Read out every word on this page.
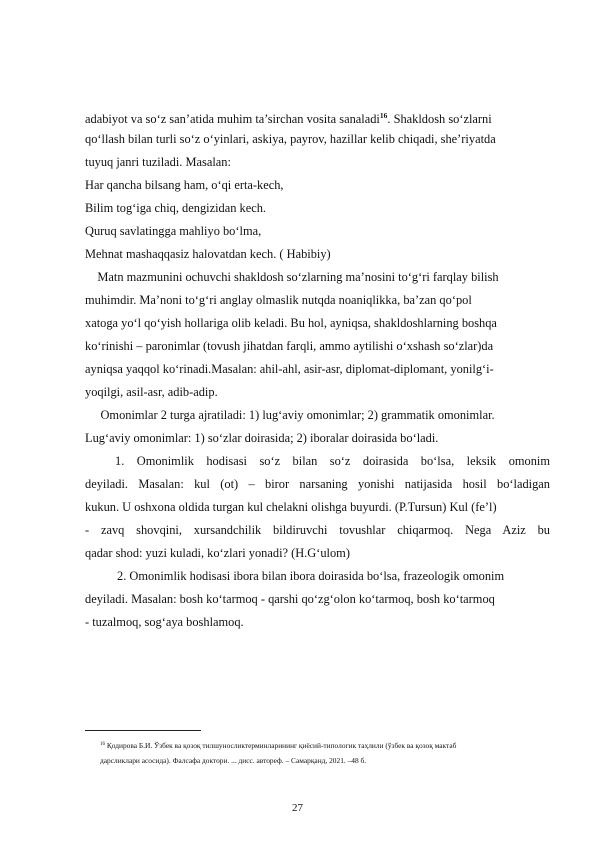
adabiyot va so‘z san’atida muhim ta’sirchan vosita sanaladi$^{16}$. Shakldosh so‘zlarni
qo‘llash bilan turli so‘z o‘yinlari, askiya, payrov, hazillar kelib chiqadi, she’riyatda
tuyuq janri tuziladi. Masalan:
Har qancha bilsang ham, o‘qi erta-kech,
Bilim tog‘iga chiq, dengizidan kech.
Quruq savlatingga mahliyo bo‘lma,
Mehnat mashaqqasiz halovatdan kech. ( Habibiy)
Matn mazmunini ochuvchi shakldosh so‘zlarning ma’nosini to‘g‘ri farqlay bilish
muhimdir. Ma’noni to‘g‘ri anglay olmaslik nutqda noaniqlikka, ba’zan qo‘pol
xatoga yo‘l qo‘yish hollariga olib keladi. Bu hol, ayniqsa, shakldoshlarning boshqa
ko‘rinishi – paronimlar (tovush jihatdan farqli, ammo aytilishi o‘xshash so‘zlar)da
ayniqsa yaqqol ko‘rinadi.Masalan: ahil-ahl, asir-asr, diplomat-diplomant, yonilg‘i-
yoqilgi, asil-asr, adib-adip.
Omonimlar 2 turga ajratiladi: 1) lug‘aviy omonimlar; 2) grammatik omonimlar.
Lug‘aviy omonimlar: 1) so‘zlar doirasida; 2) iboralar doirasida bo‘ladi.
1. Omonimlik hodisasi so‘z bilan so‘z doirasida bo‘lsa, leksik omonim
deyiladi. Masalan: kul (ot) – biror narsaning yonishi natijasida hosil bo‘ladigan
kukun. U oshxona oldida turgan kul chelakni olishga buyurdi. (P.Tursun) Kul (fe’l)
- zavq shovqini, xursandchilik bildiruvchi tovushlar chiqarmoq. Nega Aziz bu
qadar shod: yuzi kuladi, ko‘zlari yonadi? (H.G‘ulom)
2. Omonimlik hodisasi ibora bilan ibora doirasida bo‘lsa, frazeologik omonim
deyiladi. Masalan: bosh ko‘tarmoq - qarshi qo‘zg‘olon ko‘tarmoq, bosh ko‘tarmoq
- tuzalmoq, sog‘aya boshlamoq.
$^{16}$ Қодирова Б.И. Ўзбек ва қозоқ тилшуносликтерминларининг қиёсий-типологик таҳлили (ўзбек ва қозоқ мактаб
дарсликлари асосида). Фалсафа доктори. ... дисс. автореф. – Самарқанд, 2021. –48 б.
27
